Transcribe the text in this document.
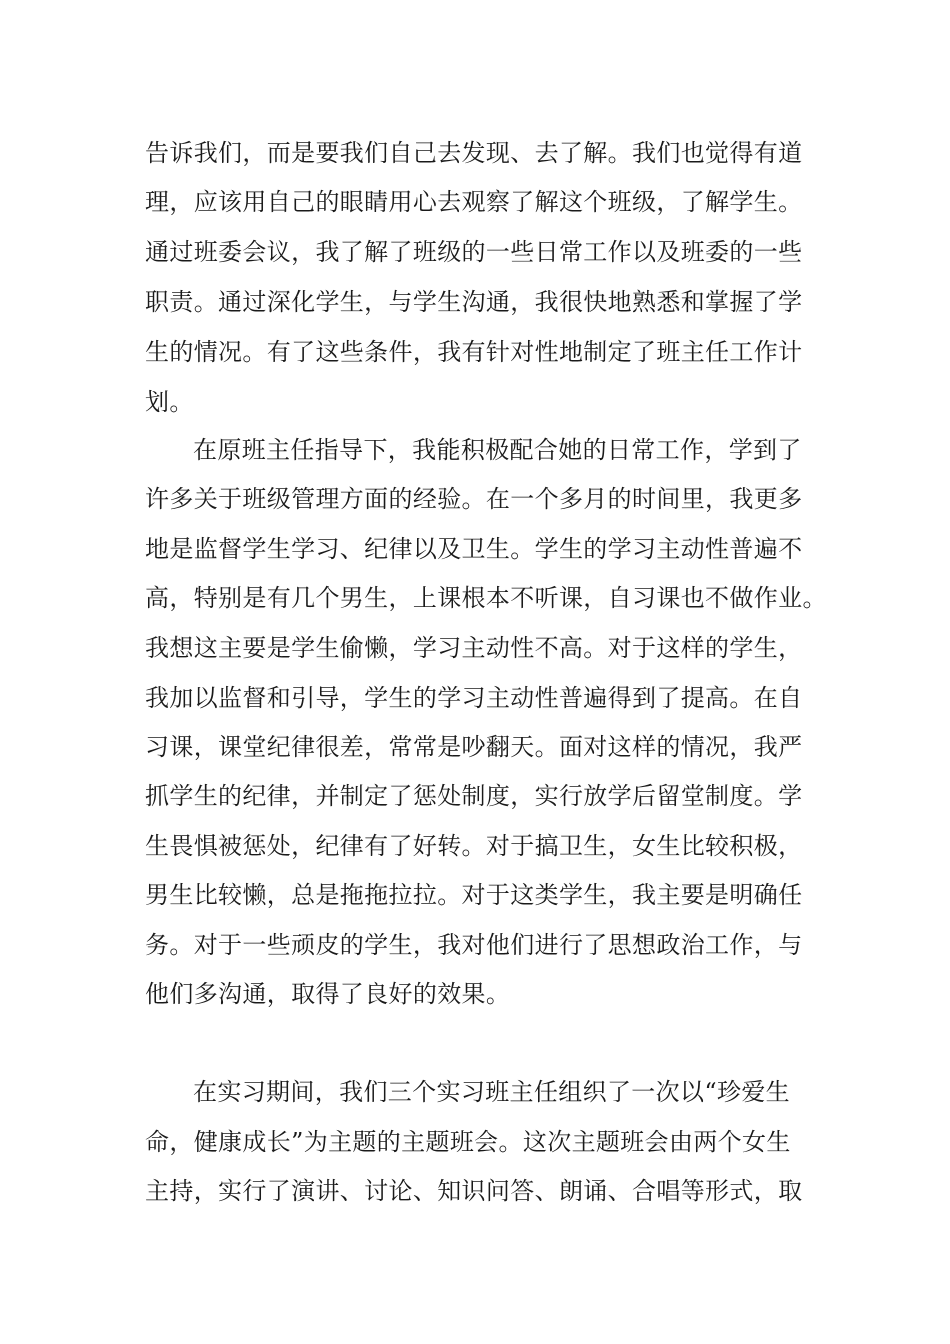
告诉我们，而是要我们自己去发现、去了解。我们也觉得有道
理，应该用自己的眼睛用心去观察了解这个班级，了解学生。
通过班委会议，我了解了班级的一些日常工作以及班委的一些
职责。通过深化学生，与学生沟通，我很快地熟悉和掌握了学
生的情况。有了这些条件，我有针对性地制定了班主任工作计
划。
在原班主任指导下，我能积极配合她的日常工作，学到了
许多关于班级管理方面的经验。在一个多月的时间里，我更多
地是监督学生学习、纪律以及卫生。学生的学习主动性普遍不
高，特别是有几个男生，上课根本不听课，自习课也不做作业。
我想这主要是学生偷懒，学习主动性不高。对于这样的学生，
我加以监督和引导，学生的学习主动性普遍得到了提高。在自
习课，课堂纪律很差，常常是吵翻天。面对这样的情况，我严
抓学生的纪律，并制定了惩处制度，实行放学后留堂制度。学
生畏惧被惩处，纪律有了好转。对于搞卫生，女生比较积极，
男生比较懒，总是拖拖拉拉。对于这类学生，我主要是明确任
务。对于一些顽皮的学生，我对他们进行了思想政治工作，与
他们多沟通，取得了良好的效果。
在实习期间，我们三个实习班主任组织了一次以“珍爱生
命，健康成长”为主题的主题班会。这次主题班会由两个女生
主持，实行了演讲、讨论、知识问答、朗诵、合唱等形式，取
